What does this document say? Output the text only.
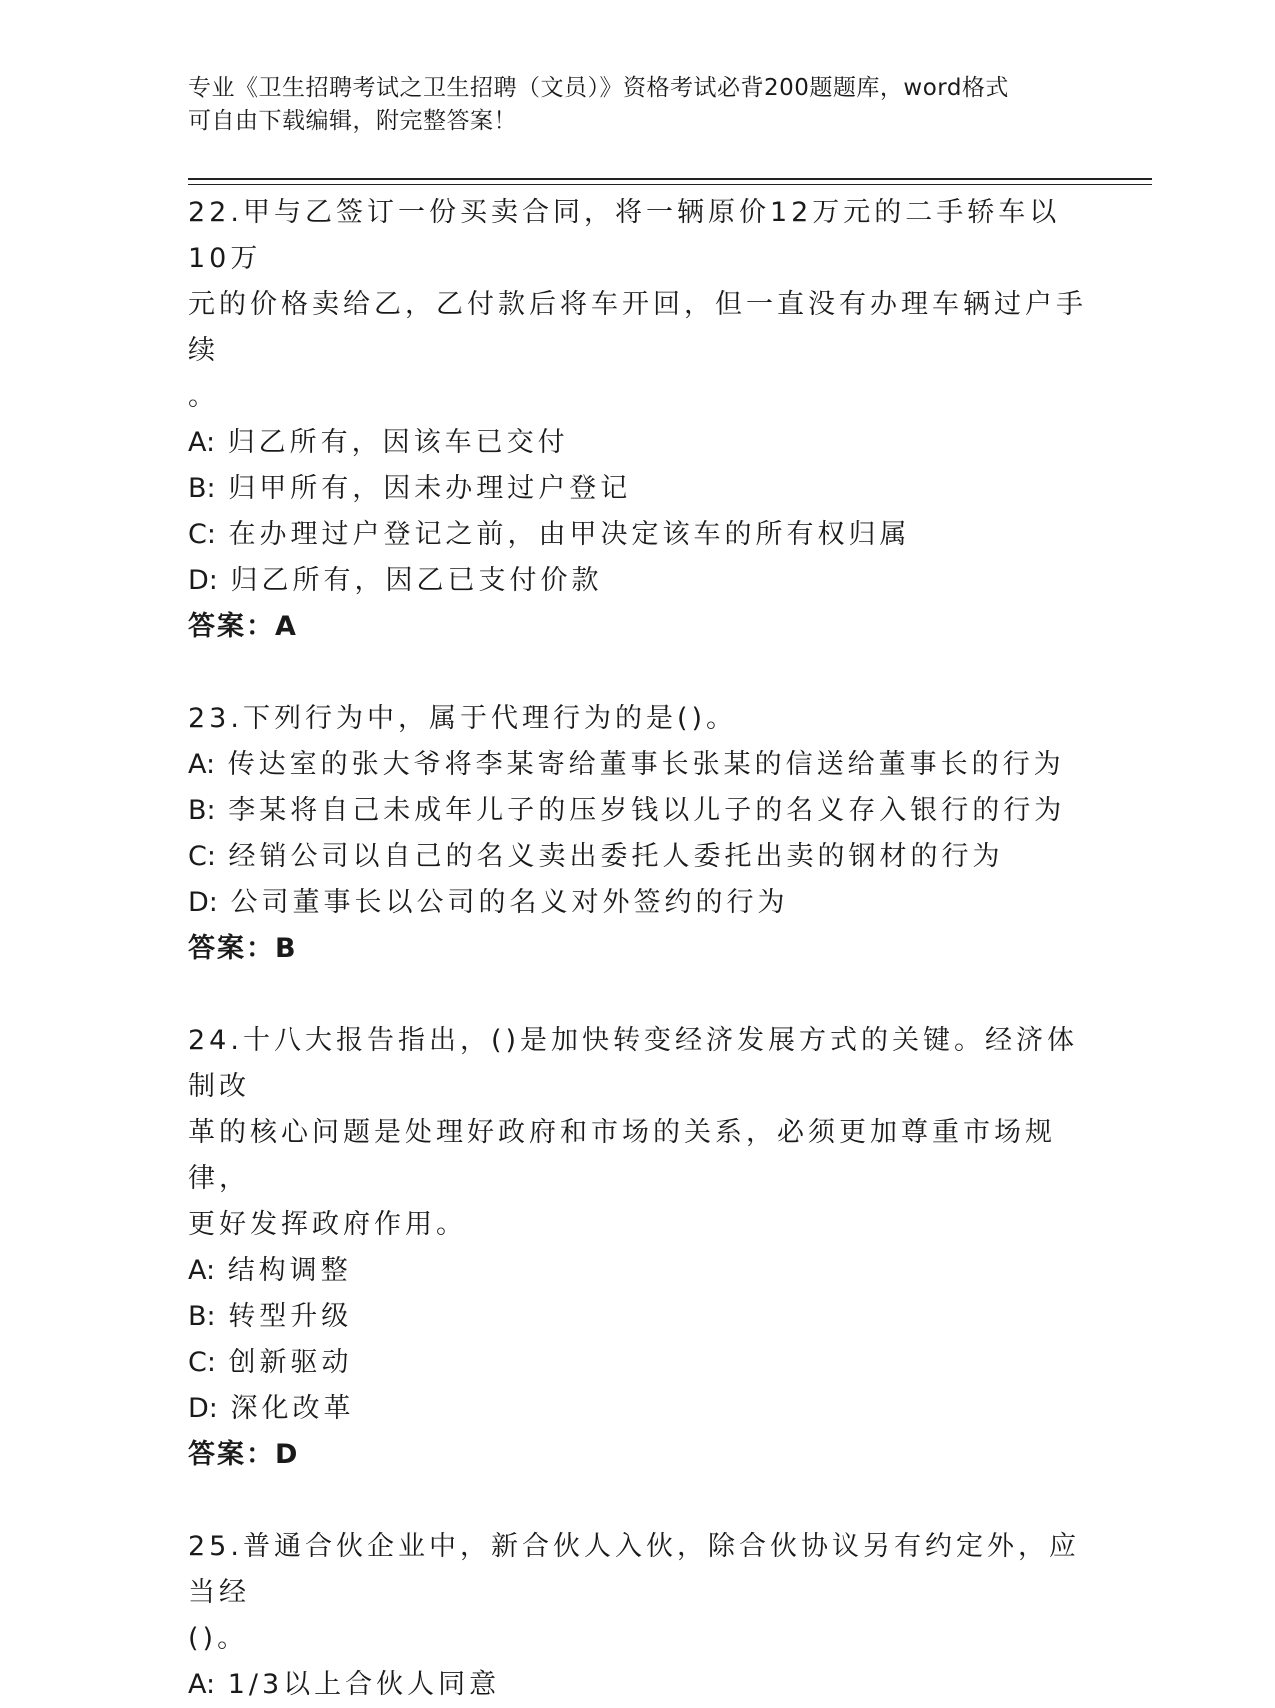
专业《卫生招聘考试之卫生招聘（文员）》资格考试必背200题题库，word格式
可自由下载编辑，附完整答案！

22.甲与乙签订一份买卖合同，将一辆原价12万元的二手轿车以10万

元的价格卖给乙，乙付款后将车开回，但一直没有办理车辆过户手续

。

A: 归乙所有，因该车已交付

B: 归甲所有，因未办理过户登记

C: 在办理过户登记之前，由甲决定该车的所有权归属

D: 归乙所有，因乙已支付价款

答案：A

23.下列行为中，属于代理行为的是()。

A: 传达室的张大爷将李某寄给董事长张某的信送给董事长的行为

B: 李某将自己未成年儿子的压岁钱以儿子的名义存入银行的行为

C: 经销公司以自己的名义卖出委托人委托出卖的钢材的行为

D: 公司董事长以公司的名义对外签约的行为

答案：B

24.十八大报告指出，()是加快转变经济发展方式的关键。经济体制改

革的核心问题是处理好政府和市场的关系，必须更加尊重市场规律，

更好发挥政府作用。

A: 结构调整

B: 转型升级

C: 创新驱动

D: 深化改革

答案：D

25.普通合伙企业中，新合伙人入伙，除合伙协议另有约定外，应当经

()。

A: 1/3以上合伙人同意
